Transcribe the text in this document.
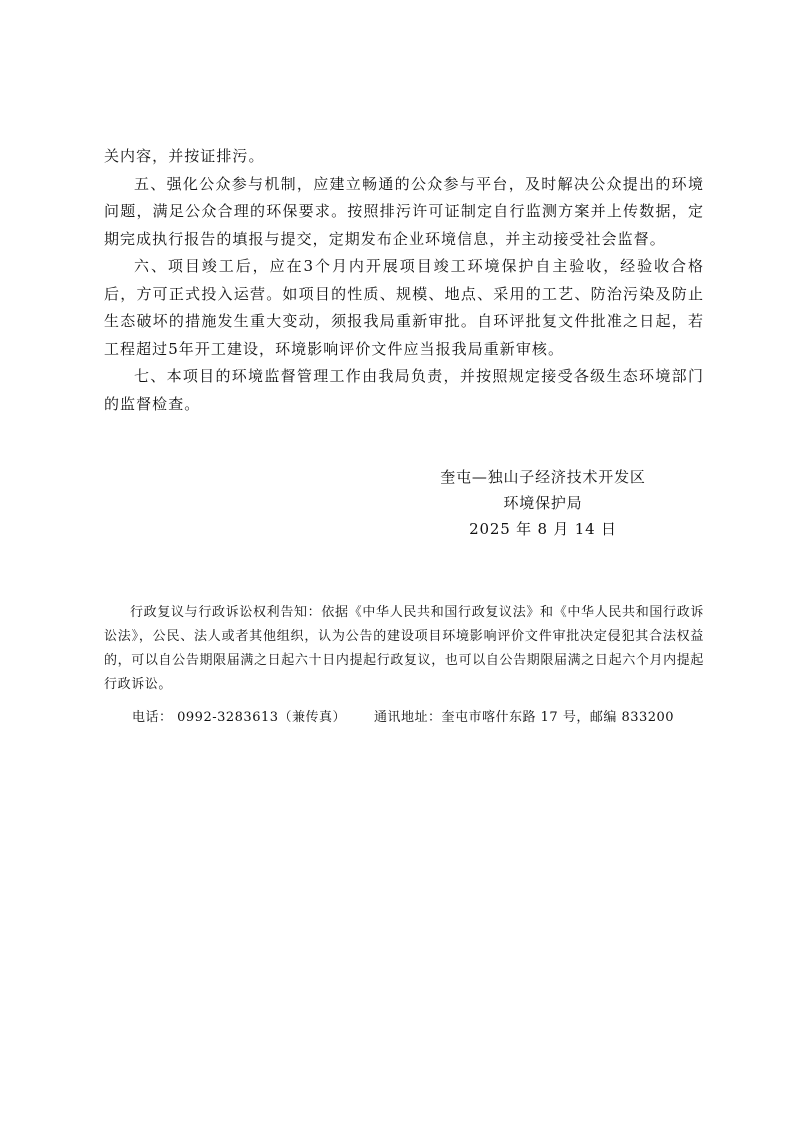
关内容，并按证排污。

五、强化公众参与机制，应建立畅通的公众参与平台，及时解决公众提出的环境问题，满足公众合理的环保要求。按照排污许可证制定自行监测方案并上传数据，定期完成执行报告的填报与提交，定期发布企业环境信息，并主动接受社会监督。

六、项目竣工后，应在3个月内开展项目竣工环境保护自主验收，经验收合格后，方可正式投入运营。如项目的性质、规模、地点、采用的工艺、防治污染及防止生态破坏的措施发生重大变动，须报我局重新审批。自环评批复文件批准之日起，若工程超过5年开工建设，环境影响评价文件应当报我局重新审核。

七、本项目的环境监督管理工作由我局负责，并按照规定接受各级生态环境部门的监督检查。

奎屯—独山子经济技术开发区
环境保护局
2025 年 8 月 14 日

行政复议与行政诉讼权利告知：依据《中华人民共和国行政复议法》和《中华人民共和国行政诉讼法》，公民、法人或者其他组织，认为公告的建设项目环境影响评价文件审批决定侵犯其合法权益的，可以自公告期限届满之日起六十日内提起行政复议，也可以自公告期限届满之日起六个月内提起行政诉讼。

电话： 0992-3283613（兼传真） 通讯地址：奎屯市喀什东路 17 号，邮编 833200
